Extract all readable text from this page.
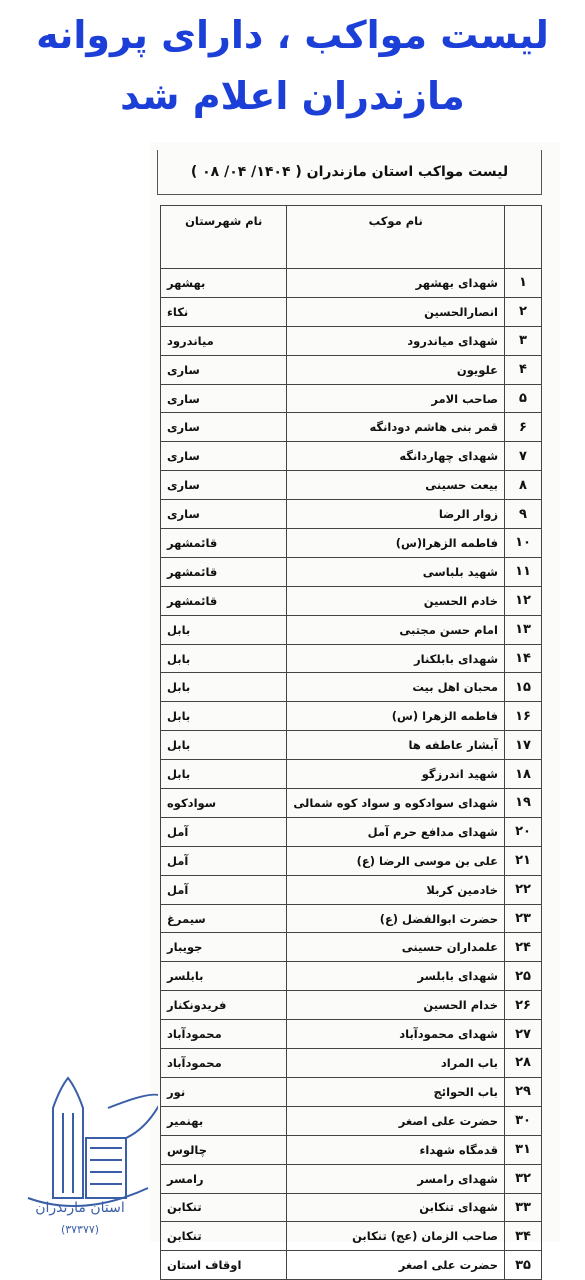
لیست مواکب ، دارای پروانه
مازندران اعلام شد
لیست مواکب استان مازندران ( ۱۴۰۴/ ۰۴/ ۰۸ )
	نام موکب	نام شهرستان
۱	شهدای بهشهر	بهشهر
۲	انصارالحسین	نکاء
۳	شهدای میاندرود	میاندرود
۴	علویون	ساری
۵	صاحب الامر	ساری
۶	قمر بنی هاشم دودانگه	ساری
۷	شهدای چهاردانگه	ساری
۸	بیعت حسینی	ساری
۹	زوار الرضا	ساری
۱۰	فاطمه الزهرا(س)	قائمشهر
۱۱	شهید بلباسی	قائمشهر
۱۲	خادم الحسین	قائمشهر
۱۳	امام حسن مجتبی	بابل
۱۴	شهدای بابلکنار	بابل
۱۵	محبان اهل بیت	بابل
۱۶	فاطمه الزهرا (س)	بابل
۱۷	آبشار عاطفه ها	بابل
۱۸	شهید اندرزگو	بابل
۱۹	شهدای سوادکوه و سواد کوه شمالی	سوادکوه
۲۰	شهدای مدافع حرم آمل	آمل
۲۱	علی بن موسی الرضا (ع)	آمل
۲۲	خادمین کربلا	آمل
۲۳	حضرت ابوالفضل (ع)	سیمرغ
۲۴	علمداران حسینی	جویبار
۲۵	شهدای بابلسر	بابلسر
۲۶	خدام الحسین	فریدونکنار
۲۷	شهدای محمودآباد	محمودآباد
۲۸	باب المراد	محمودآباد
۲۹	باب الحوائج	نور
۳۰	حضرت علی اصغر	بهنمیر
۳۱	قدمگاه شهداء	چالوس
۳۲	شهدای رامسر	رامسر
۳۳	شهدای تنکابن	تنکابن
۳۴	صاحب الزمان (عج) تنکابن	تنکابن
۳۵	حضرت علی اصغر	اوقاف استان
استان مازندران
(۳۷۳۷۷)
